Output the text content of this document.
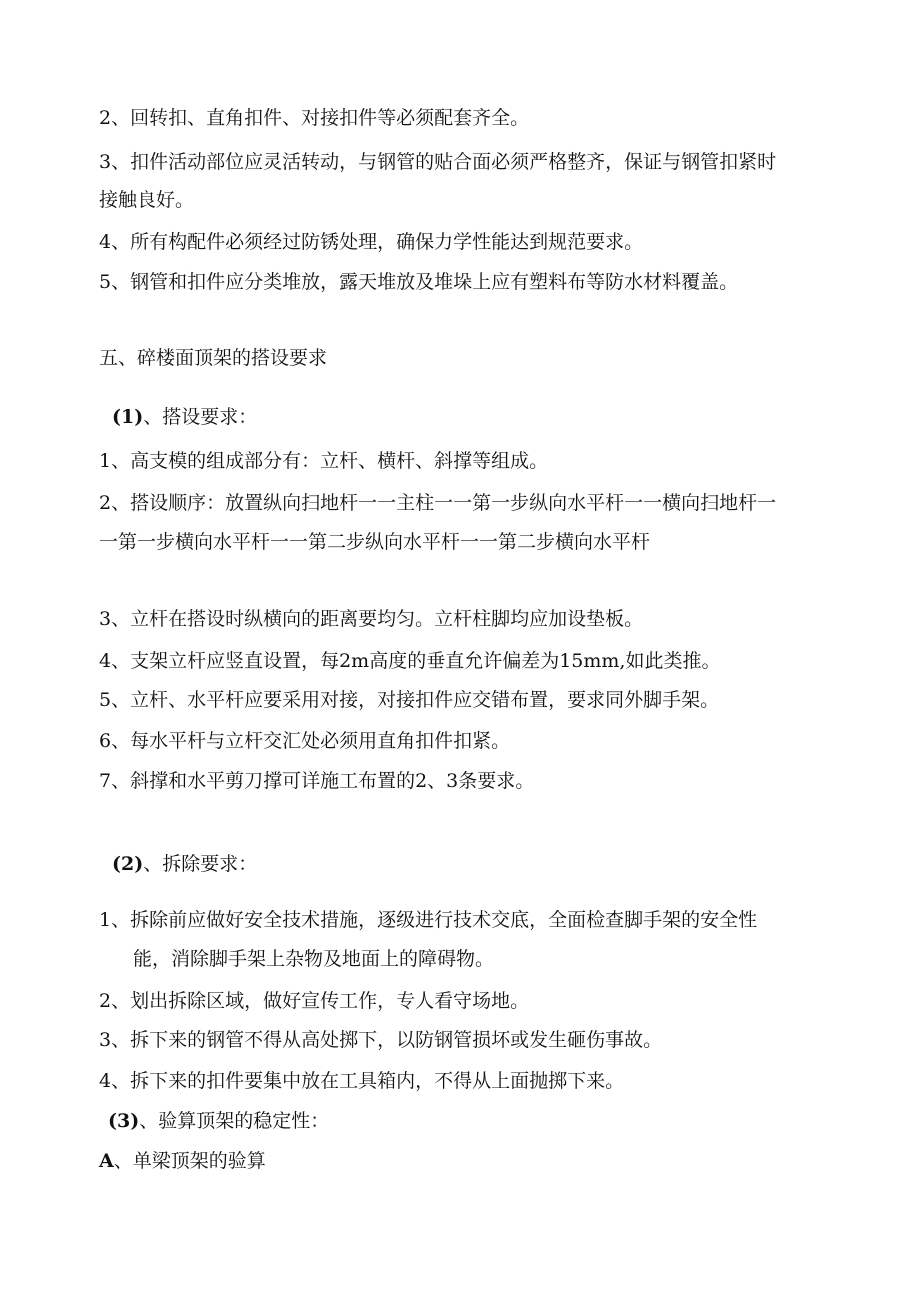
2、回转扣、直角扣件、对接扣件等必须配套齐全。

3、扣件活动部位应灵活转动，与钢管的贴合面必须严格整齐，保证与钢管扣紧时

接触良好。

4、所有构配件必须经过防锈处理，确保力学性能达到规范要求。

5、钢管和扣件应分类堆放，露天堆放及堆垛上应有塑料布等防水材料覆盖。

五、碎楼面顶架的搭设要求

(1)、搭设要求：

1、高支模的组成部分有：立杆、横杆、斜撑等组成。

2、搭设顺序：放置纵向扫地杆一一主柱一一第一步纵向水平杆一一横向扫地杆一

一第一步横向水平杆一一第二步纵向水平杆一一第二步横向水平杆

3、立杆在搭设时纵横向的距离要均匀。立杆柱脚均应加设垫板。

4、支架立杆应竖直设置，每2m高度的垂直允许偏差为15mm,如此类推。

5、立杆、水平杆应要采用对接，对接扣件应交错布置，要求同外脚手架。

6、每水平杆与立杆交汇处必须用直角扣件扣紧。

7、斜撑和水平剪刀撑可详施工布置的2、3条要求。

(2)、拆除要求：

1、拆除前应做好安全技术措施，逐级进行技术交底，全面检查脚手架的安全性

能，消除脚手架上杂物及地面上的障碍物。

2、划出拆除区域，做好宣传工作，专人看守场地。

3、拆下来的钢管不得从高处掷下，以防钢管损坏或发生砸伤事故。

4、拆下来的扣件要集中放在工具箱内，不得从上面抛掷下来。

(3)、验算顶架的稳定性：

A、单梁顶架的验算
